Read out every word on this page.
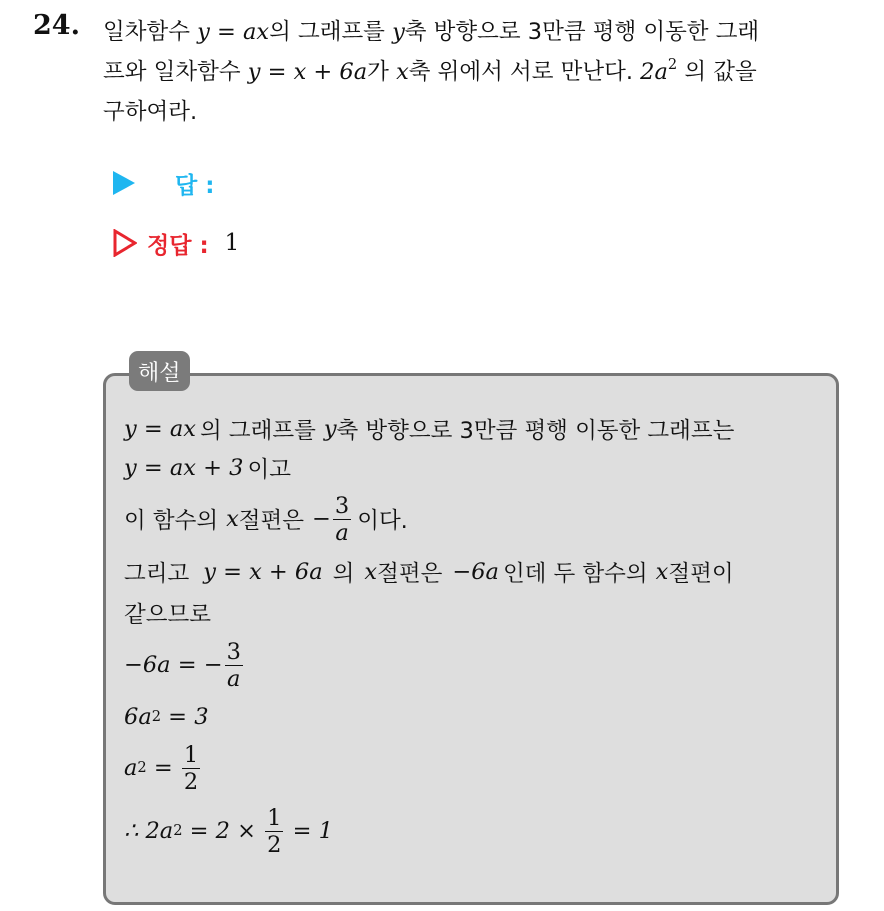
24. 일차함수 y = ax의 그래프를 y축 방향으로 3만큼 평행 이동한 그래
프와 일차함수 y = x + 6a가 x축 위에서 서로 만난다. $2a^2$ 의 값을
구하여라.
답 :
정답 : 1
해설
y = ax 의 그래프를 y 축 방향으로 3만큼 평행 이동한 그래프는
y = ax + 3 이고
이 함수의 x 절편은 − $\frac{3}{a}$ 이다.
그리고 y = x + 6a 의 x 절편은 −6a 인데 두 함수의 x 절편이
같으므로
−6a = − $\frac{3}{a}$
6a 2 = 3
a $2 = \frac{1}{2}$
∴ 2a $2 = 2 \times \frac{1}{2} = 1$
